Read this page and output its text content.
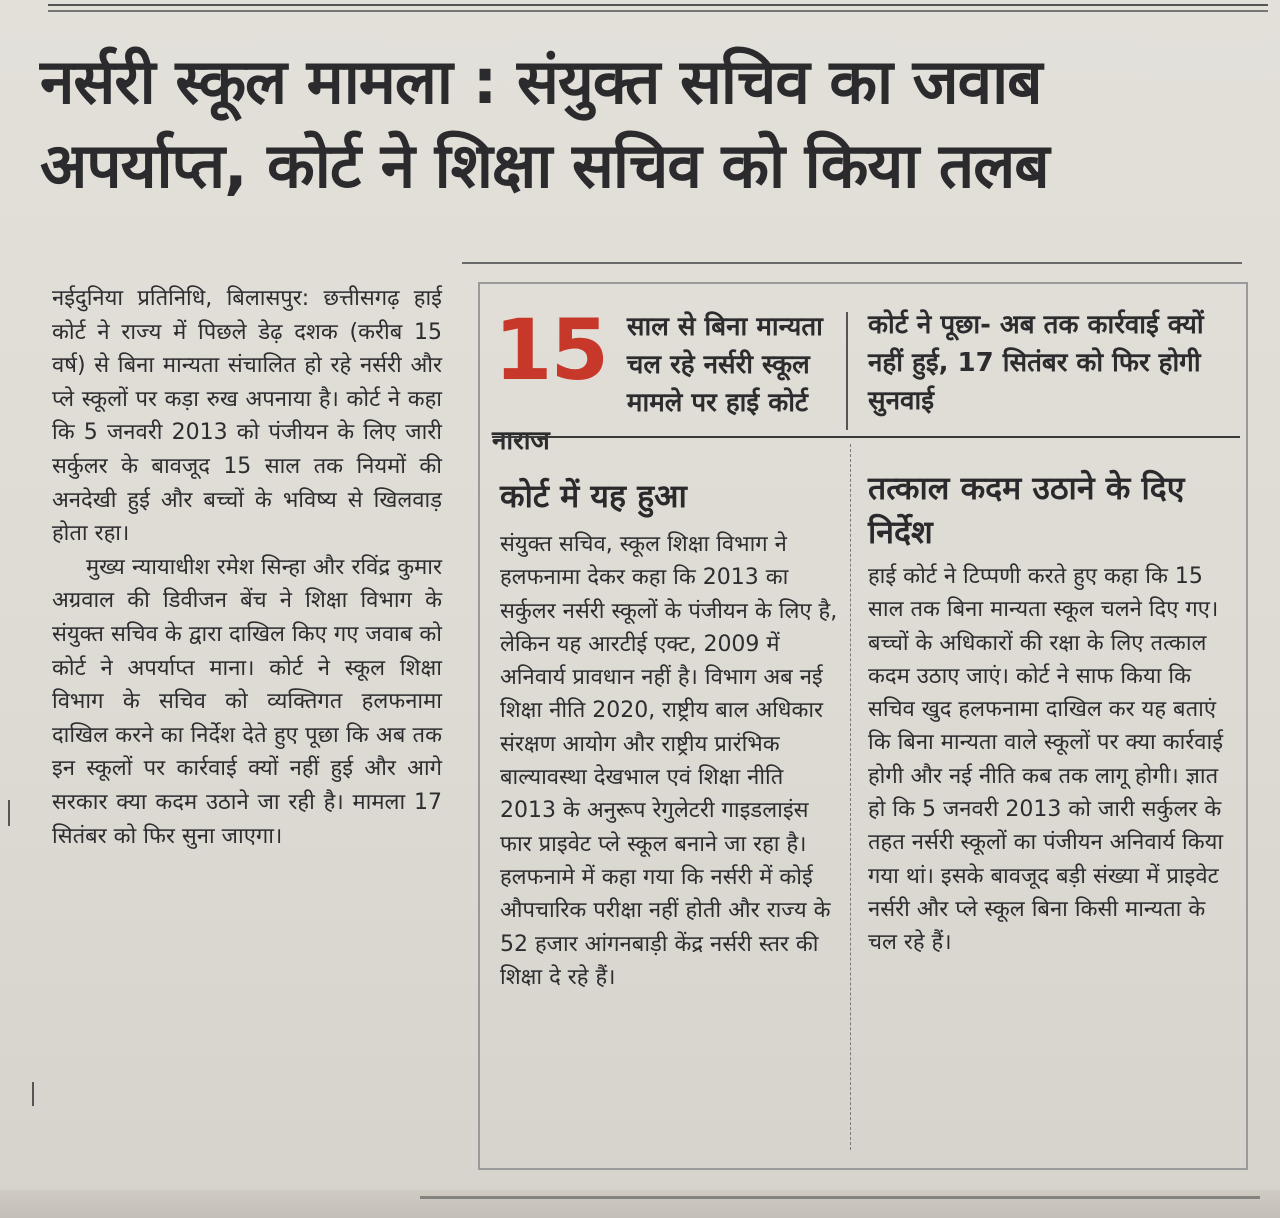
नर्सरी स्कूल मामला : संयुक्त सचिव का जवाब
अपर्याप्त, कोर्ट ने शिक्षा सचिव को किया तलब

नईदुनिया प्रतिनिधि, बिलासपुर: छत्तीसगढ़ हाई कोर्ट ने राज्य में पिछले डेढ़ दशक (करीब 15 वर्ष) से बिना मान्यता संचालित हो रहे नर्सरी और प्ले स्कूलों पर कड़ा रुख अपनाया है। कोर्ट ने कहा कि 5 जनवरी 2013 को पंजीयन के लिए जारी सर्कुलर के बावजूद 15 साल तक नियमों की अनदेखी हुई और बच्चों के भविष्य से खिलवाड़ होता रहा।

मुख्य न्यायाधीश रमेश सिन्हा और रविंद्र कुमार अग्रवाल की डिवीजन बेंच ने शिक्षा विभाग के संयुक्त सचिव के द्वारा दाखिल किए गए जवाब को कोर्ट ने अपर्याप्त माना। कोर्ट ने स्कूल शिक्षा विभाग के सचिव को व्यक्तिगत हलफनामा दाखिल करने का निर्देश देते हुए पूछा कि अब तक इन स्कूलों पर कार्रवाई क्यों नहीं हुई और आगे सरकार क्या कदम उठाने जा रही है। मामला 17 सितंबर को फिर सुना जाएगा।

15 साल से बिना मान्यता चल रहे नर्सरी स्कूल मामले पर हाई कोर्ट नाराज
कोर्ट ने पूछा- अब तक कार्रवाई क्यों नहीं हुई, 17 सितंबर को फिर होगी सुनवाई
कोर्ट में यह हुआ

संयुक्त सचिव, स्कूल शिक्षा विभाग ने हलफनामा देकर कहा कि 2013 का सर्कुलर नर्सरी स्कूलों के पंजीयन के लिए है, लेकिन यह आरटीई एक्ट, 2009 में अनिवार्य प्रावधान नहीं है। विभाग अब नई शिक्षा नीति 2020, राष्ट्रीय बाल अधिकार संरक्षण आयोग और राष्ट्रीय प्रारंभिक बाल्यावस्था देखभाल एवं शिक्षा नीति 2013 के अनुरूप रेगुलेटरी गाइडलाइंस फार प्राइवेट प्ले स्कूल बनाने जा रहा है। हलफनामे में कहा गया कि नर्सरी में कोई औपचारिक परीक्षा नहीं होती और राज्य के 52 हजार आंगनबाड़ी केंद्र नर्सरी स्तर की शिक्षा दे रहे हैं।

तत्काल कदम उठाने के दिए निर्देश

हाई कोर्ट ने टिप्पणी करते हुए कहा कि 15 साल तक बिना मान्यता स्कूल चलने दिए गए। बच्चों के अधिकारों की रक्षा के लिए तत्काल कदम उठाए जाएं। कोर्ट ने साफ किया कि सचिव खुद हलफनामा दाखिल कर यह बताएं कि बिना मान्यता वाले स्कूलों पर क्या कार्रवाई होगी और नई नीति कब तक लागू होगी। ज्ञात हो कि 5 जनवरी 2013 को जारी सर्कुलर के तहत नर्सरी स्कूलों का पंजीयन अनिवार्य किया गया थां। इसके बावजूद बड़ी संख्या में प्राइवेट नर्सरी और प्ले स्कूल बिना किसी मान्यता के चल रहे हैं।
